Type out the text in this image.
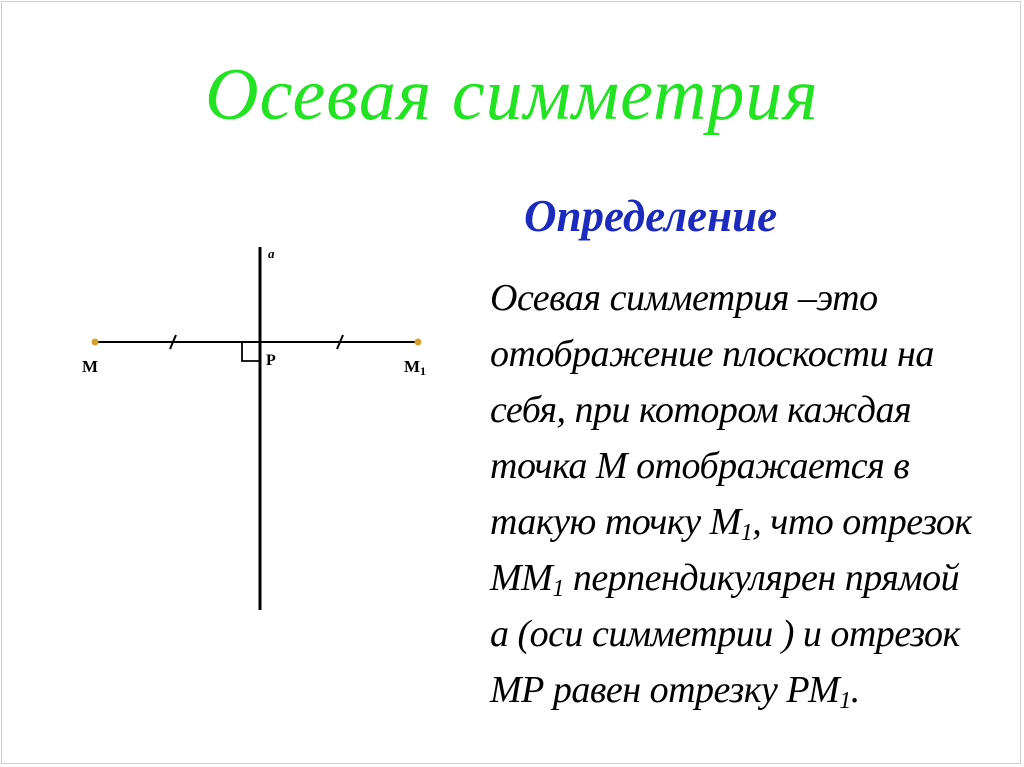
Осевая симметрия
Определение
Осевая симметрия –это
отображение плоскости на
себя, при котором каждая
точка М отображается в
такую точку $М_1$, что отрезок
$ММ_1$ перпендикулярен прямой
а (оси симметрии ) и отрезок
МР равен отрезку $РМ_1$.
а
М	Р	М1
